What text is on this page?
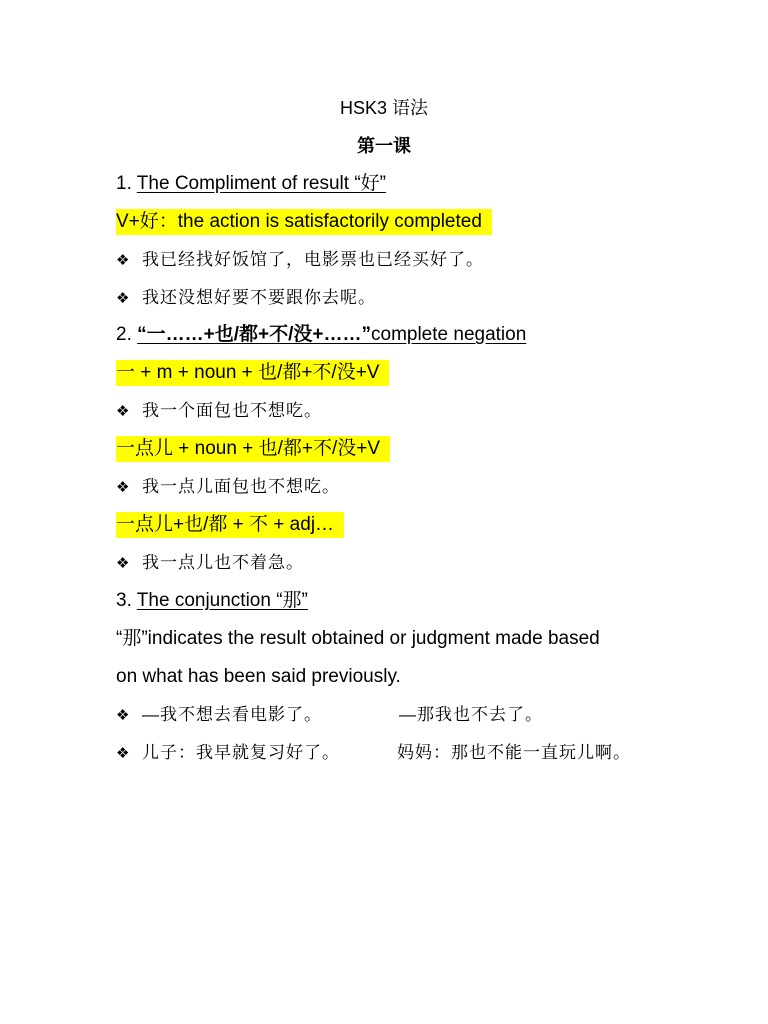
HSK3 语法
第一课
1. The Compliment of result “好”
V+好：the action is satisfactorily completed
❖ 我已经找好饭馆了，电影票也已经买好了。
❖ 我还没想好要不要跟你去呢。
2. “一……+也/都+不/没+……”complete negation
一 + m + noun + 也/都+不/没+V
❖ 我一个面包也不想吃。
一点儿 + noun + 也/都+不/没+V
❖ 我一点儿面包也不想吃。
一点儿+也/都 + 不 + adj…
❖ 我一点儿也不着急。
3. The conjunction “那”
“那”indicates the result obtained or judgment made based
on what has been said previously.
❖ —我不想去看电影了。	—那我也不去了。
❖ 儿子：我早就复习好了。	妈妈：那也不能一直玩儿啊。
